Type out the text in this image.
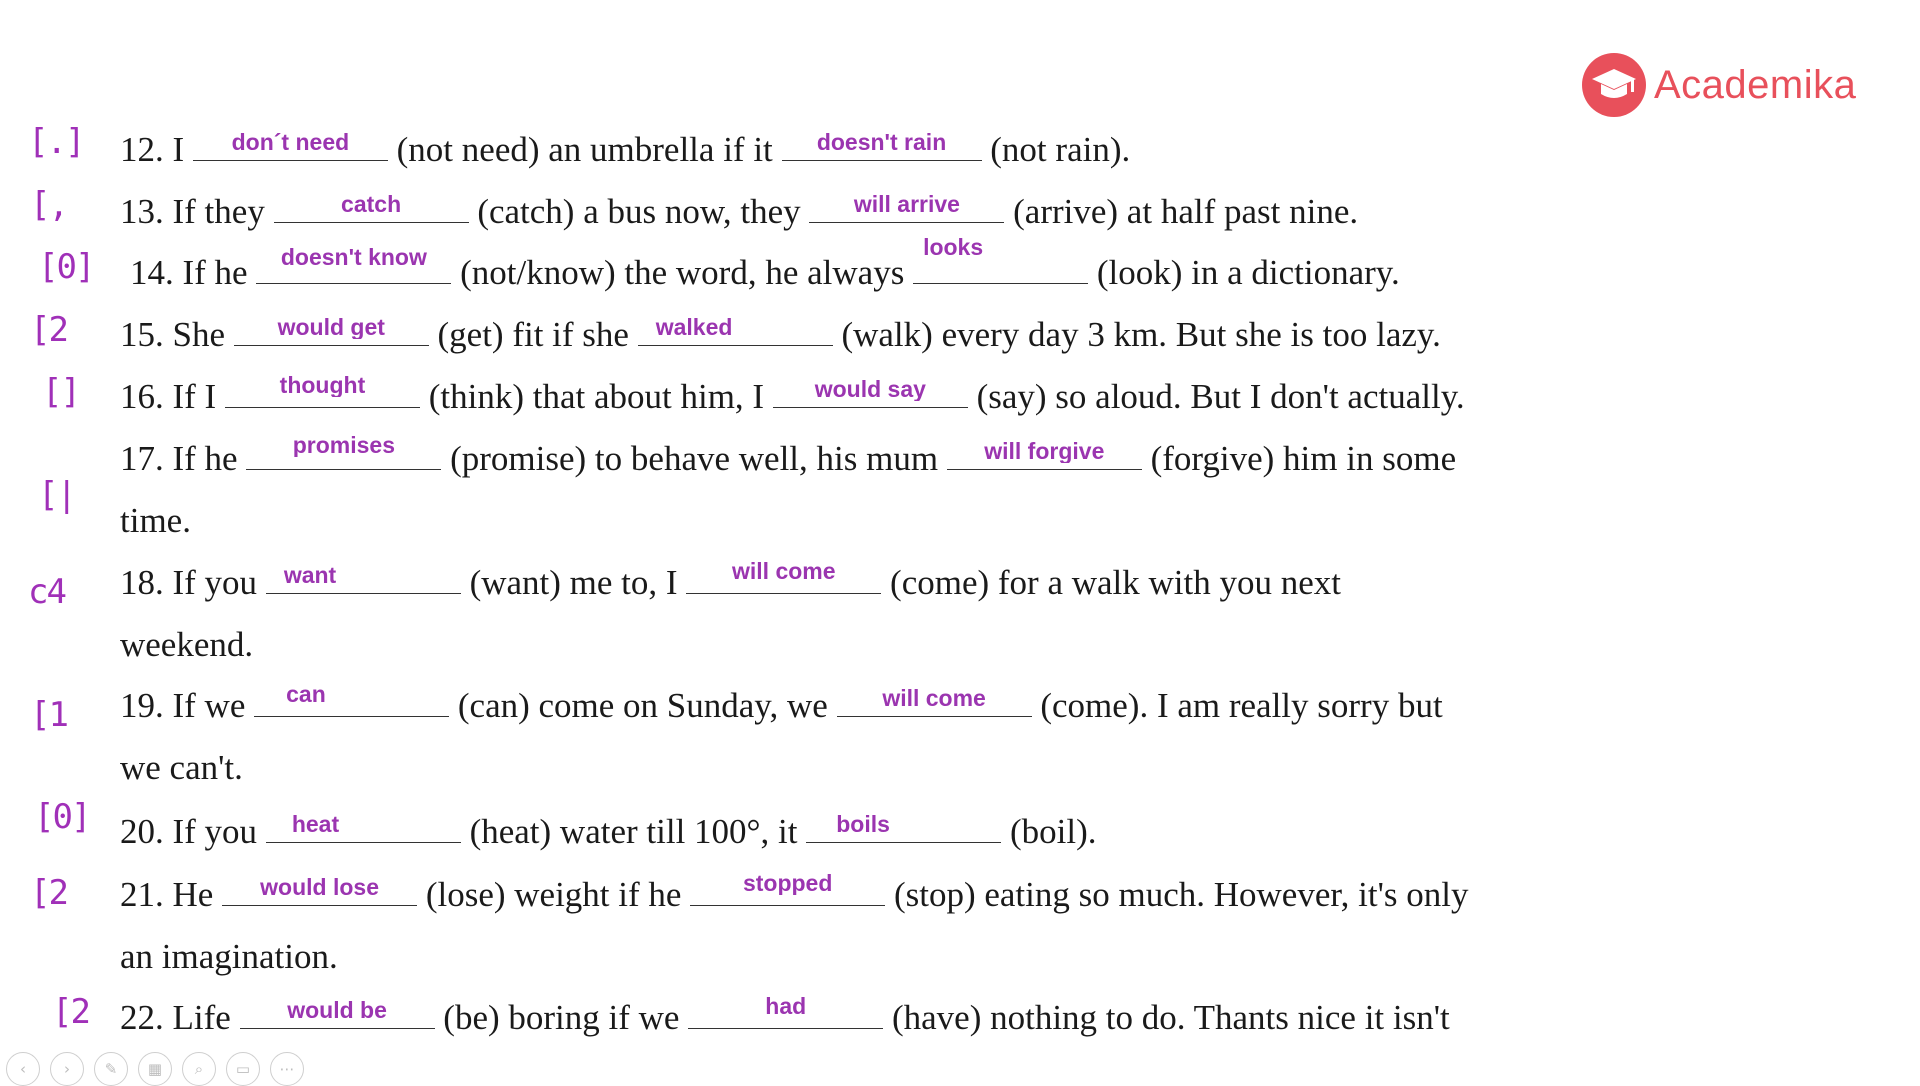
Academika
12. I	don´t need	(not need) an umbrella if it	doesn't rain	(not rain).
[.]
13. If they	catch	(catch) a bus now, they	will arrive	(arrive) at half past nine.
[,
14. If he	doesn't know (not/know) the word, he always
looks
(look) in a dictionary.
[0]
15. She	would get	(get) fit if she	walked	(walk) every day 3 km. But she is too lazy.
[2
16. If I	thought	(think) that about him, I	would say	(say) so aloud. But I don't actually.
[]
17. If he	promises	(promise) to behave well, his mum	will forgive	(forgive) him in some
time.
[|
18. If you	want	(want) me to, I	will come	(come) for a walk with you next
weekend.
c4
19. If we	can	(can) come on Sunday, we	will come	(come). I am really sorry but
we can't.
[1
20. If you	heat	(heat) water till 100°, it	boils	(boil).
[0]
21. He	would lose	(lose) weight if he	stopped	(stop) eating so much. However, it's only
an imagination.
[2
22. Life	would be	(be) boring if we	had	(have) nothing to do. Thants nice it isn't
[2
‹	›	✎	▦	⌕	▭	⋯
